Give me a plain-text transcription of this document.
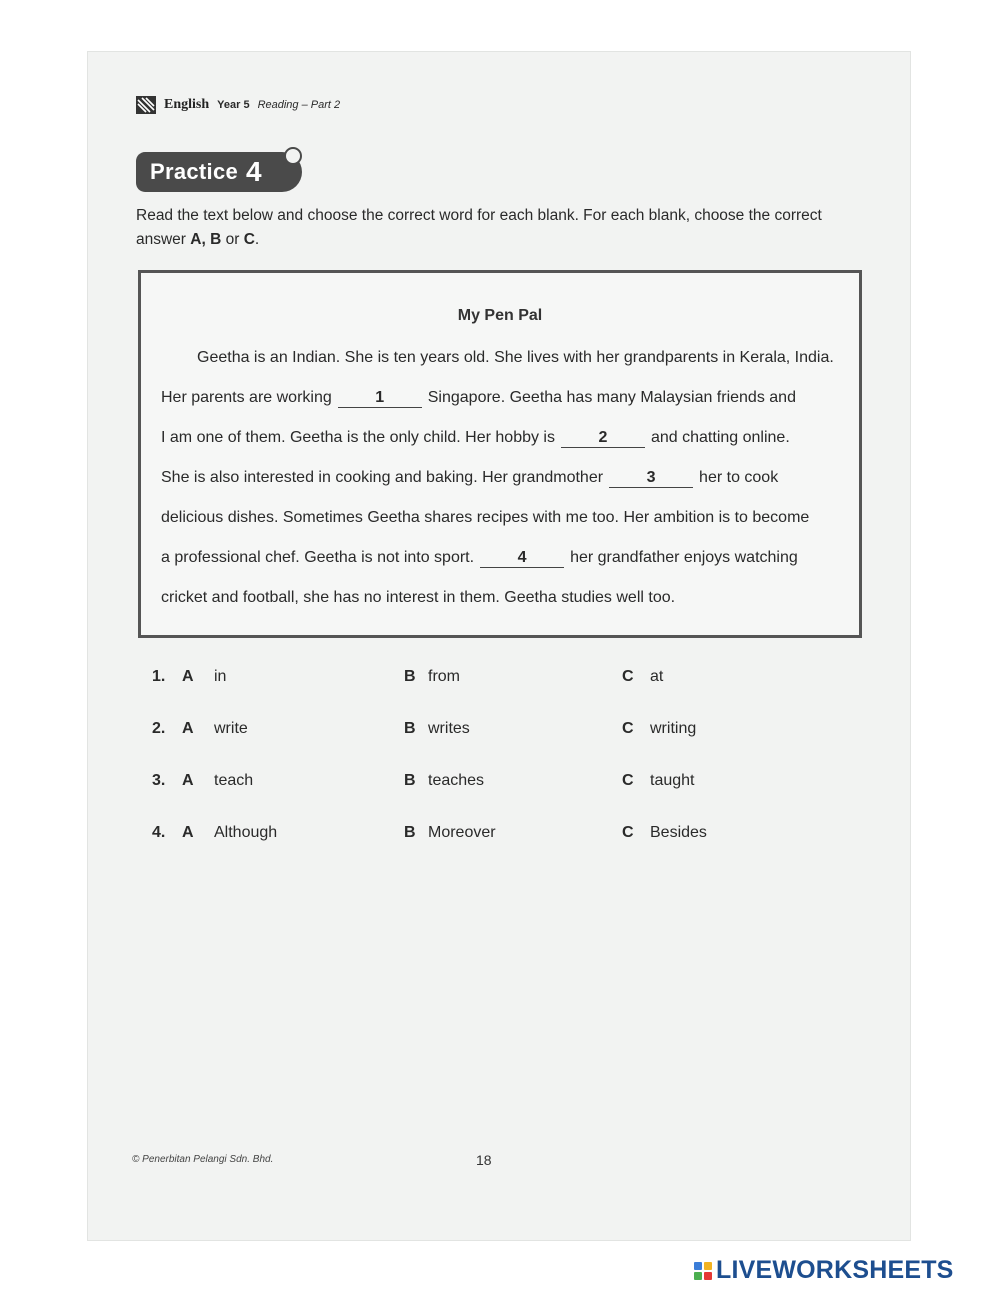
English Year 5 Reading – Part 2
Practice 4
Read the text below and choose the correct word for each blank. For each blank, choose the correct answer A, B or C.
My Pen Pal
Geetha is an Indian. She is ten years old. She lives with her grandparents in Kerala, India.
Her parents are working	1	Singapore. Geetha has many Malaysian friends and
I am one of them. Geetha is the only child. Her hobby is	2	and chatting online.
She is also interested in cooking and baking. Her grandmother	3	her to cook
delicious dishes. Sometimes Geetha shares recipes with me too. Her ambition is to become
a professional chef. Geetha is not into sport.	4	her grandfather enjoys watching
cricket and football, she has no interest in them. Geetha studies well too.
1. A in	B from	C at
2. A write	B writes	C writing
3. A teach	B teaches	C taught
4. A Although	B Moreover	C Besides
© Penerbitan Pelangi Sdn. Bhd.	18
LIVEWORKSHEETS
